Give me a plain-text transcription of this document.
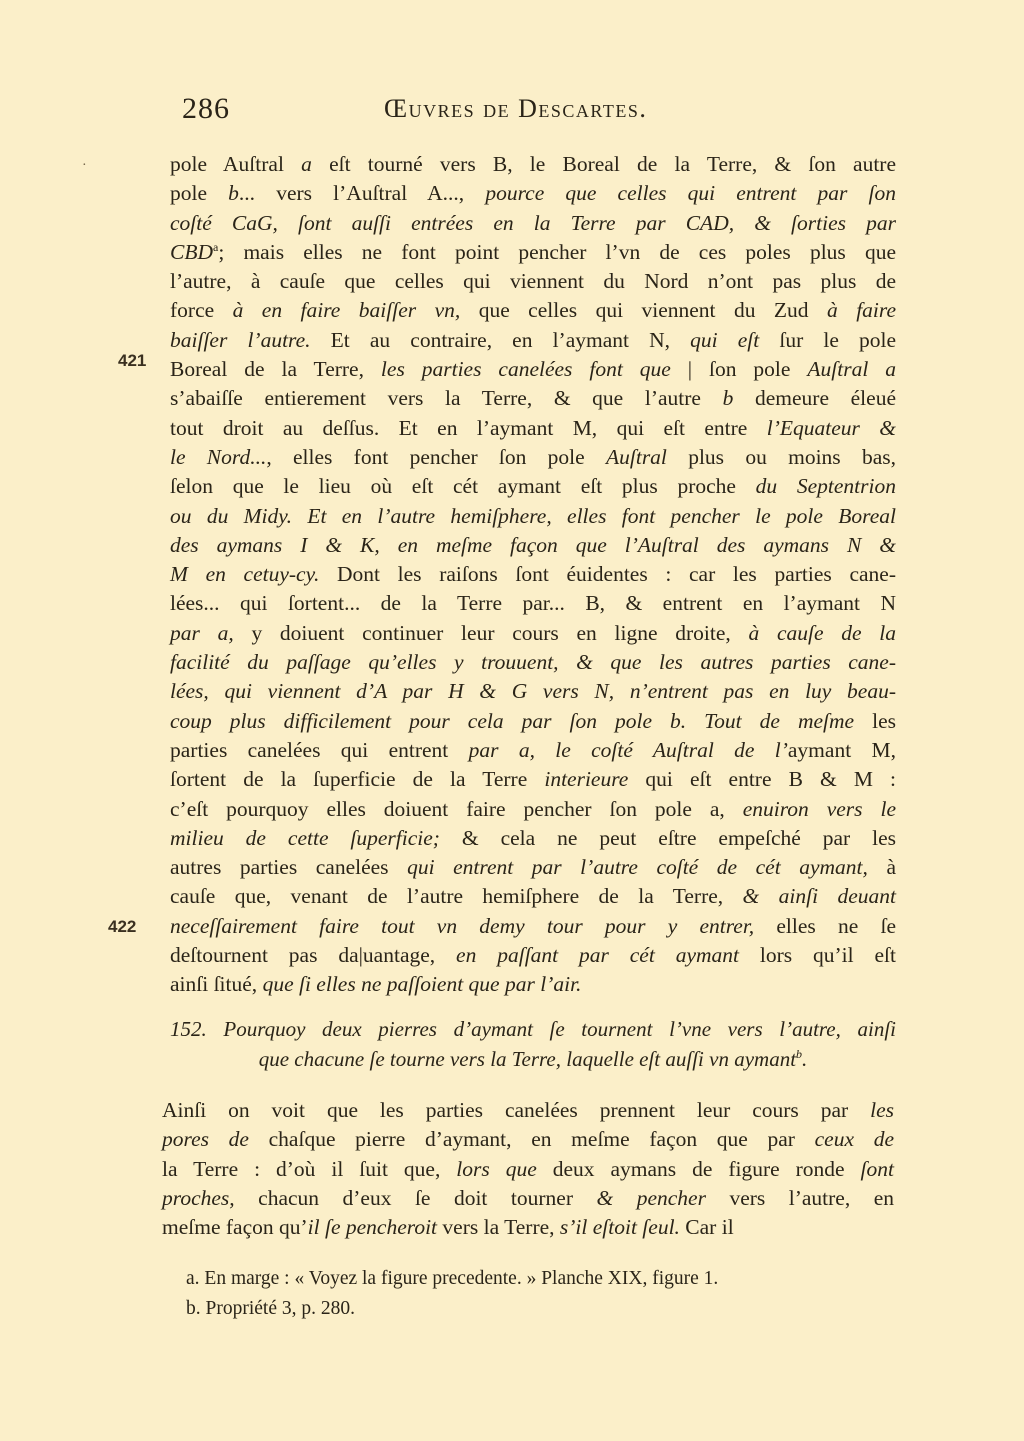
286	Œuvres de Descartes.
·	pole Auſtral a eſt tourné vers B, le Boreal de la Terre, & ſon autre
pole b... vers l’Auſtral A..., pource que celles qui entrent par ſon
coſté CaG, ſont auſſi entrées en la Terre par CAD, & ſorties par
CBD$^a$; mais elles ne font point pencher l’vn de ces poles plus que
l’autre, à cauſe que celles qui viennent du Nord n’ont pas plus de
force à en faire baiſſer vn, que celles qui viennent du Zud à faire
baiſſer l’autre. Et au contraire, en l’aymant N, qui eſt ſur le pole
Boreal de la Terre, les parties canelées font que | ſon pole Auſtral a
s’abaiſſe entierement vers la Terre, & que l’autre b demeure éleué
tout droit au deſſus. Et en l’aymant M, qui eſt entre l’Equateur &
le Nord..., elles font pencher ſon pole Auſtral plus ou moins bas,
ſelon que le lieu où eſt cét aymant eſt plus proche du Septentrion
ou du Midy. Et en l’autre hemiſphere, elles font pencher le pole Boreal
des aymans I & K, en meſme façon que l’Auſtral des aymans N &
M en cetuy-cy. Dont les raiſons ſont éuidentes : car les parties cane-
lées... qui ſortent... de la Terre par... B, & entrent en l’aymant N
par a, y doiuent continuer leur cours en ligne droite, à cauſe de la
facilité du paſſage qu’elles y trouuent, & que les autres parties cane-
lées, qui viennent d’A par H & G vers N, n’entrent pas en luy beau-
coup plus difficilement pour cela par ſon pole b. Tout de meſme les
parties canelées qui entrent par a, le coſté Auſtral de l’aymant M,
ſortent de la ſuperficie de la Terre interieure qui eſt entre B & M :
c’eſt pourquoy elles doiuent faire pencher ſon pole a, enuiron vers le
milieu de cette ſuperficie; & cela ne peut eſtre empeſché par les
autres parties canelées qui entrent par l’autre coſté de cét aymant, à
cauſe que, venant de l’autre hemiſphere de la Terre, & ainſi deuant
neceſſairement faire tout vn demy tour pour y entrer, elles ne ſe
deſtournent pas da|uantage, en paſſant par cét aymant lors qu’il eſt
ainſi ſitué, que ſi elles ne paſſoient que par l’air.
421
422
152. Pourquoy deux pierres d’aymant ſe tournent l’vne vers l’autre, ainſi
que chacune ſe tourne vers la Terre, laquelle eſt auſſi vn aymant$^b$.
Ainſi on voit que les parties canelées prennent leur cours par les
pores de chaſque pierre d’aymant, en meſme façon que par ceux de
la Terre : d’où il ſuit que, lors que deux aymans de figure ronde ſont
proches, chacun d’eux ſe doit tourner & pencher vers l’autre, en
meſme façon qu’il ſe pencheroit vers la Terre, s’il eſtoit ſeul. Car il
a. En marge : « Voyez la figure precedente. » Planche XIX, figure 1.
b. Propriété 3, p. 280.
